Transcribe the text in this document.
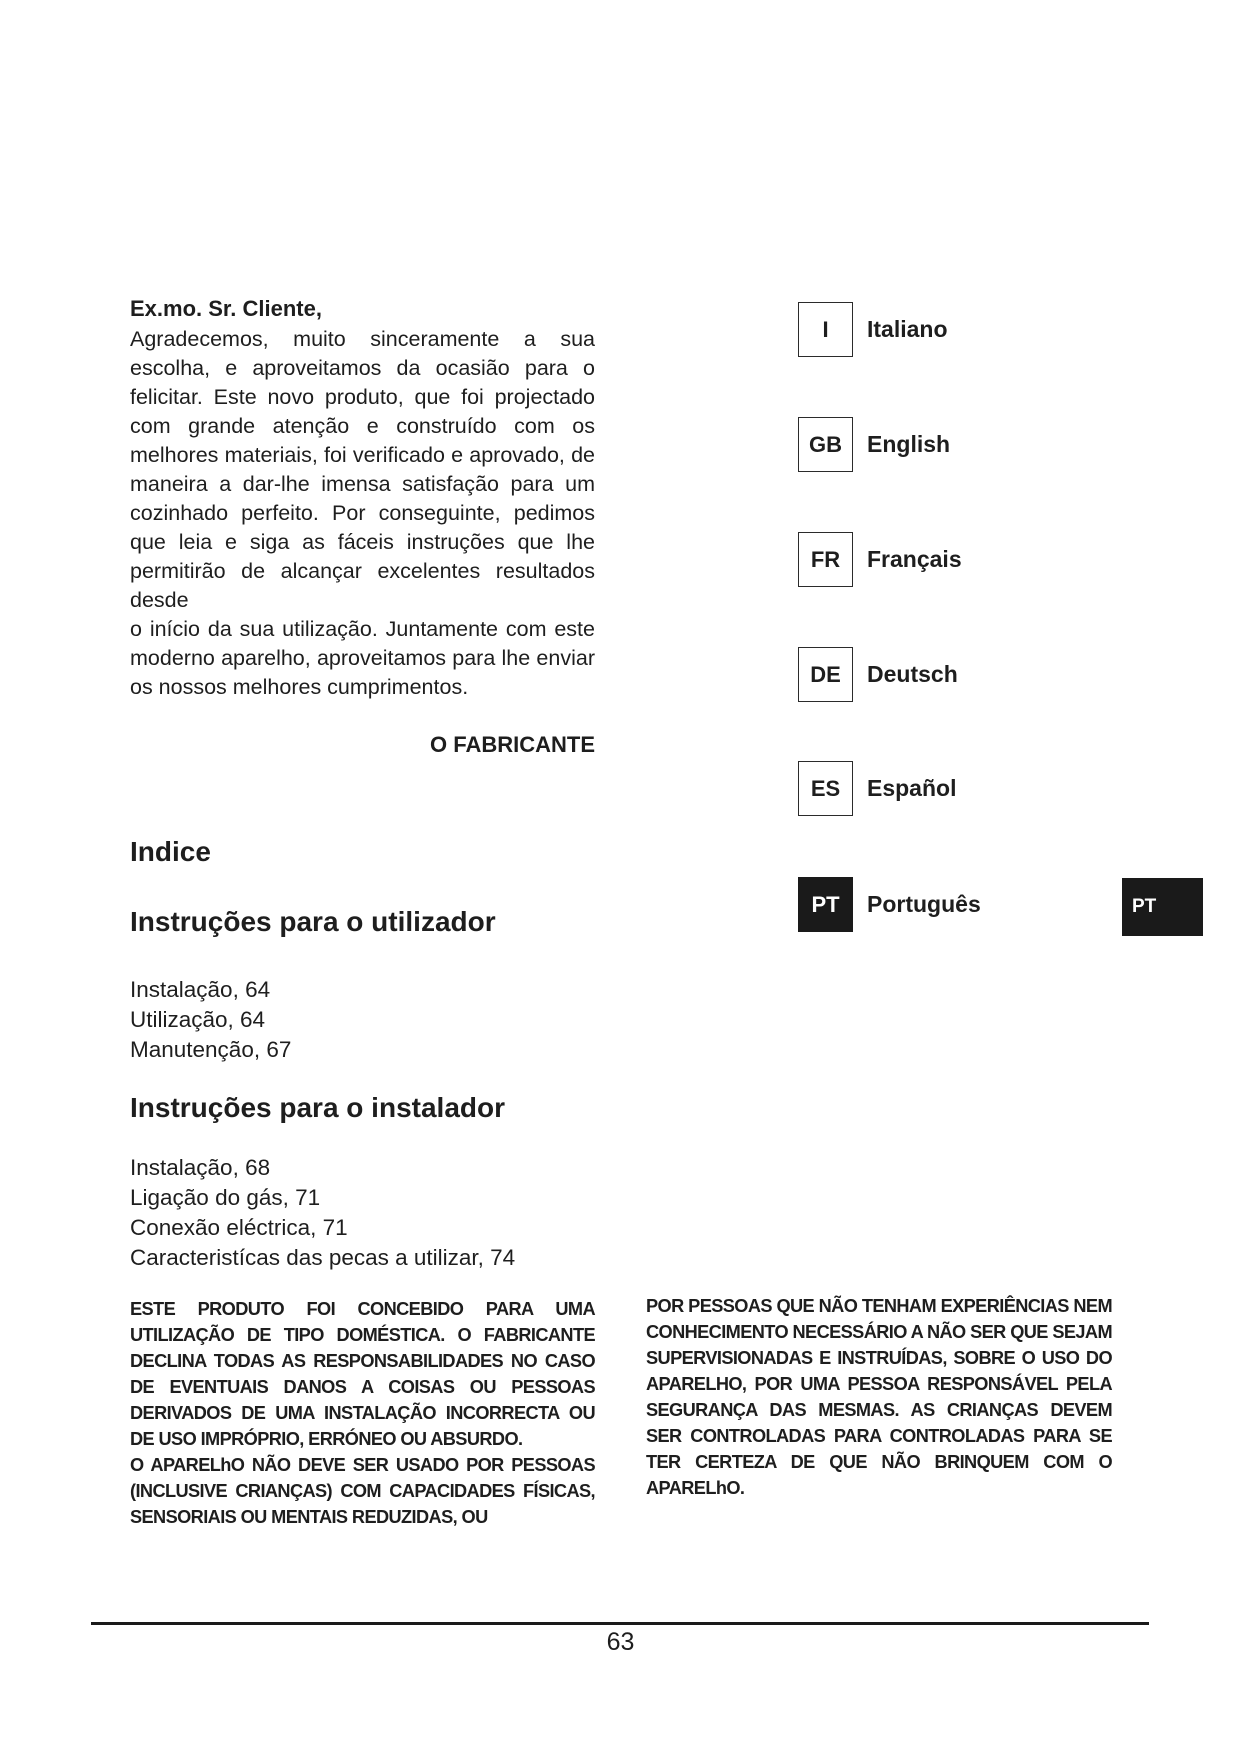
Ex.mo. Sr. Cliente,

Agradecemos, muito sinceramente a sua escolha, e aproveitamos da ocasião para o felicitar. Este novo produto, que foi projectado com grande atenção e construído com os melhores materiais, foi verificado e aprovado, de maneira a dar-lhe imensa satisfação para um cozinhado perfeito. Por conseguinte, pedimos que leia e siga as fáceis instruções que lhe permitirão de alcançar excelentes resultados desde

o início da sua utilização. Juntamente com este moderno aparelho, aproveitamos para lhe enviar os nossos melhores cumprimentos.

O FABRICANTE
Indice
Instruções para o utilizador
Instalação, 64
Utilização, 64
Manutenção, 67
Instruções para o instalador
Instalação, 68
Ligação do gás, 71
Conexão eléctrica, 71
Caracteristícas das pecas a utilizar, 74
I	Italiano
GB	English
FR	Français
DE	Deutsch
ES	Español
PT	Português	PT

ESTE PRODUTO FOI CONCEBIDO PARA UMA UTILIZAÇÃO DE TIPO DOMÉSTICA. O FABRICANTE DECLINA TODAS AS RESPONSABILIDADES NO CASO DE EVENTUAIS DANOS A COISAS OU PESSOAS DERIVADOS DE UMA INSTALAÇÃO INCORRECTA OU DE USO IMPRÓPRIO, ERRÓNEO OU ABSURDO.

O APARELhO NÃO DEVE SER USADO POR PESSOAS (INCLUSIVE CRIANÇAS) COM CAPACIDADES FÍSICAS, SENSORIAIS OU MENTAIS REDUZIDAS, OU

POR PESSOAS QUE NÃO TENHAM EXPERIÊNCIAS NEM CONHECIMENTO NECESSÁRIO A NÃO SER QUE SEJAM SUPERVISIONADAS E INSTRUÍDAS, SOBRE O USO DO APARELHO, POR UMA PESSOA RESPONSÁVEL PELA SEGURANÇA DAS MESMAS. AS CRIANÇAS DEVEM SER CONTROLADAS PARA CONTROLADAS PARA SE TER CERTEZA DE QUE NÃO BRINQUEM COM O APARELhO.

63
